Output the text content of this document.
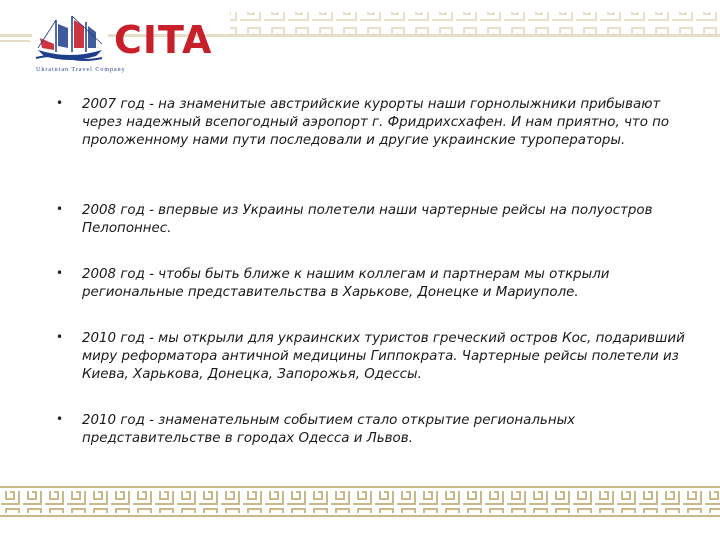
CITA
Ukrainian Travel Company
• 2007 год - на знаменитые австрийские курорты наши горнолыжники прибывают через надежный всепогодный аэропорт г. Фридрихсхафен. И нам приятно, что по проложенному нами пути последовали и другие украинские туроператоры.
• 2008 год - впервые из Украины полетели наши чартерные рейсы на полуостров Пелопоннес.
• 2008 год - чтобы быть ближе к нашим коллегам и партнерам мы открыли региональные представительства в Харькове, Донецке и Мариуполе.
• 2010 год - мы открыли для украинских туристов греческий остров Кос, подаривший миру реформатора античной медицины Гиппократа. Чартерные рейсы полетели из Киева, Харькова, Донецка, Запорожья, Одессы.
• 2010 год - знаменательным событием стало открытие региональных представительстве в городах Одесса и Львов.
